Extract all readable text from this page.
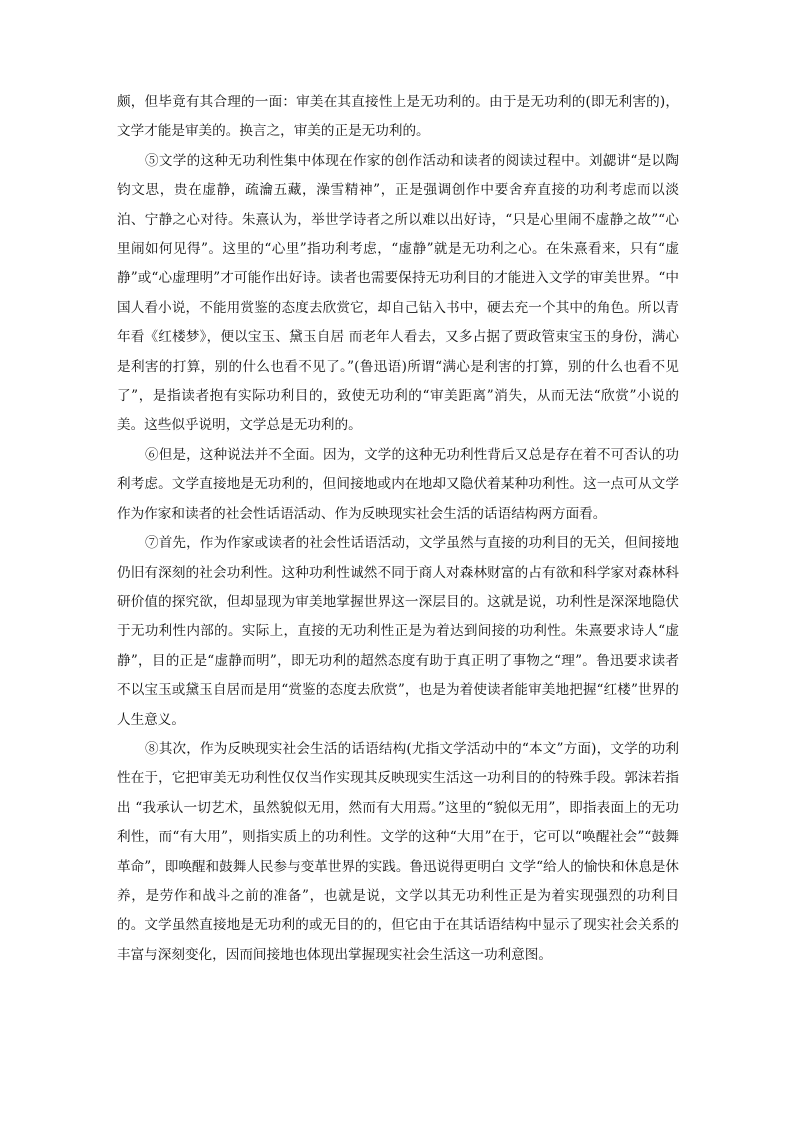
颇，但毕竟有其合理的一面：审美在其直接性上是无功利的。由于是无功利的(即无利害的)，文学才能是审美的。换言之，审美的正是无功利的。

⑤文学的这种无功利性集中体现在作家的创作活动和读者的阅读过程中。刘勰讲“是以陶钧文思，贵在虚静，疏瀹五藏，澡雪精神”，正是强调创作中要舍弃直接的功利考虑而以淡泊、宁静之心对待。朱熹认为，举世学诗者之所以难以出好诗，“只是心里闹不虚静之故”“心里闹如何见得”。这里的“心里”指功利考虑，“虚静”就是无功利之心。在朱熹看来，只有“虚静”或“心虚理明”才可能作出好诗。读者也需要保持无功利目的才能进入文学的审美世界。“中国人看小说，不能用赏鉴的态度去欣赏它，却自己钻入书中，硬去充一个其中的角色。所以青年看《红楼梦》，便以宝玉、黛玉自居 而老年人看去，又多占据了贾政管束宝玉的身份，满心是利害的打算，别的什么也看不见了。”(鲁迅语)所谓“满心是利害的打算，别的什么也看不见了”，是指读者抱有实际功利目的，致使无功利的“审美距离”消失，从而无法“欣赏”小说的美。这些似乎说明，文学总是无功利的。

⑥但是，这种说法并不全面。因为，文学的这种无功利性背后又总是存在着不可否认的功利考虑。文学直接地是无功利的，但间接地或内在地却又隐伏着某种功利性。这一点可从文学作为作家和读者的社会性话语活动、作为反映现实社会生活的话语结构两方面看。

⑦首先，作为作家或读者的社会性话语活动，文学虽然与直接的功利目的无关，但间接地仍旧有深刻的社会功利性。这种功利性诚然不同于商人对森林财富的占有欲和科学家对森林科研价值的探究欲，但却显现为审美地掌握世界这一深层目的。这就是说，功利性是深深地隐伏于无功利性内部的。实际上，直接的无功利性正是为着达到间接的功利性。朱熹要求诗人“虚静”，目的正是“虚静而明”，即无功利的超然态度有助于真正明了事物之“理”。鲁迅要求读者不以宝玉或黛玉自居而是用“赏鉴的态度去欣赏”，也是为着使读者能审美地把握“红楼”世界的人生意义。

⑧其次，作为反映现实社会生活的话语结构(尤指文学活动中的“本文”方面)，文学的功利性在于，它把审美无功利性仅仅当作实现其反映现实生活这一功利目的的特殊手段。郭沫若指出 “我承认一切艺术，虽然貌似无用，然而有大用焉。”这里的“貌似无用”，即指表面上的无功利性，而“有大用”，则指实质上的功利性。文学的这种“大用”在于，它可以“唤醒社会”“鼓舞革命”，即唤醒和鼓舞人民参与变革世界的实践。鲁迅说得更明白 文学“给人的愉快和休息是休养，是劳作和战斗之前的准备”，也就是说，文学以其无功利性正是为着实现强烈的功利目的。文学虽然直接地是无功利的或无目的的，但它由于在其话语结构中显示了现实社会关系的丰富与深刻变化，因而间接地也体现出掌握现实社会生活这一功利意图。
